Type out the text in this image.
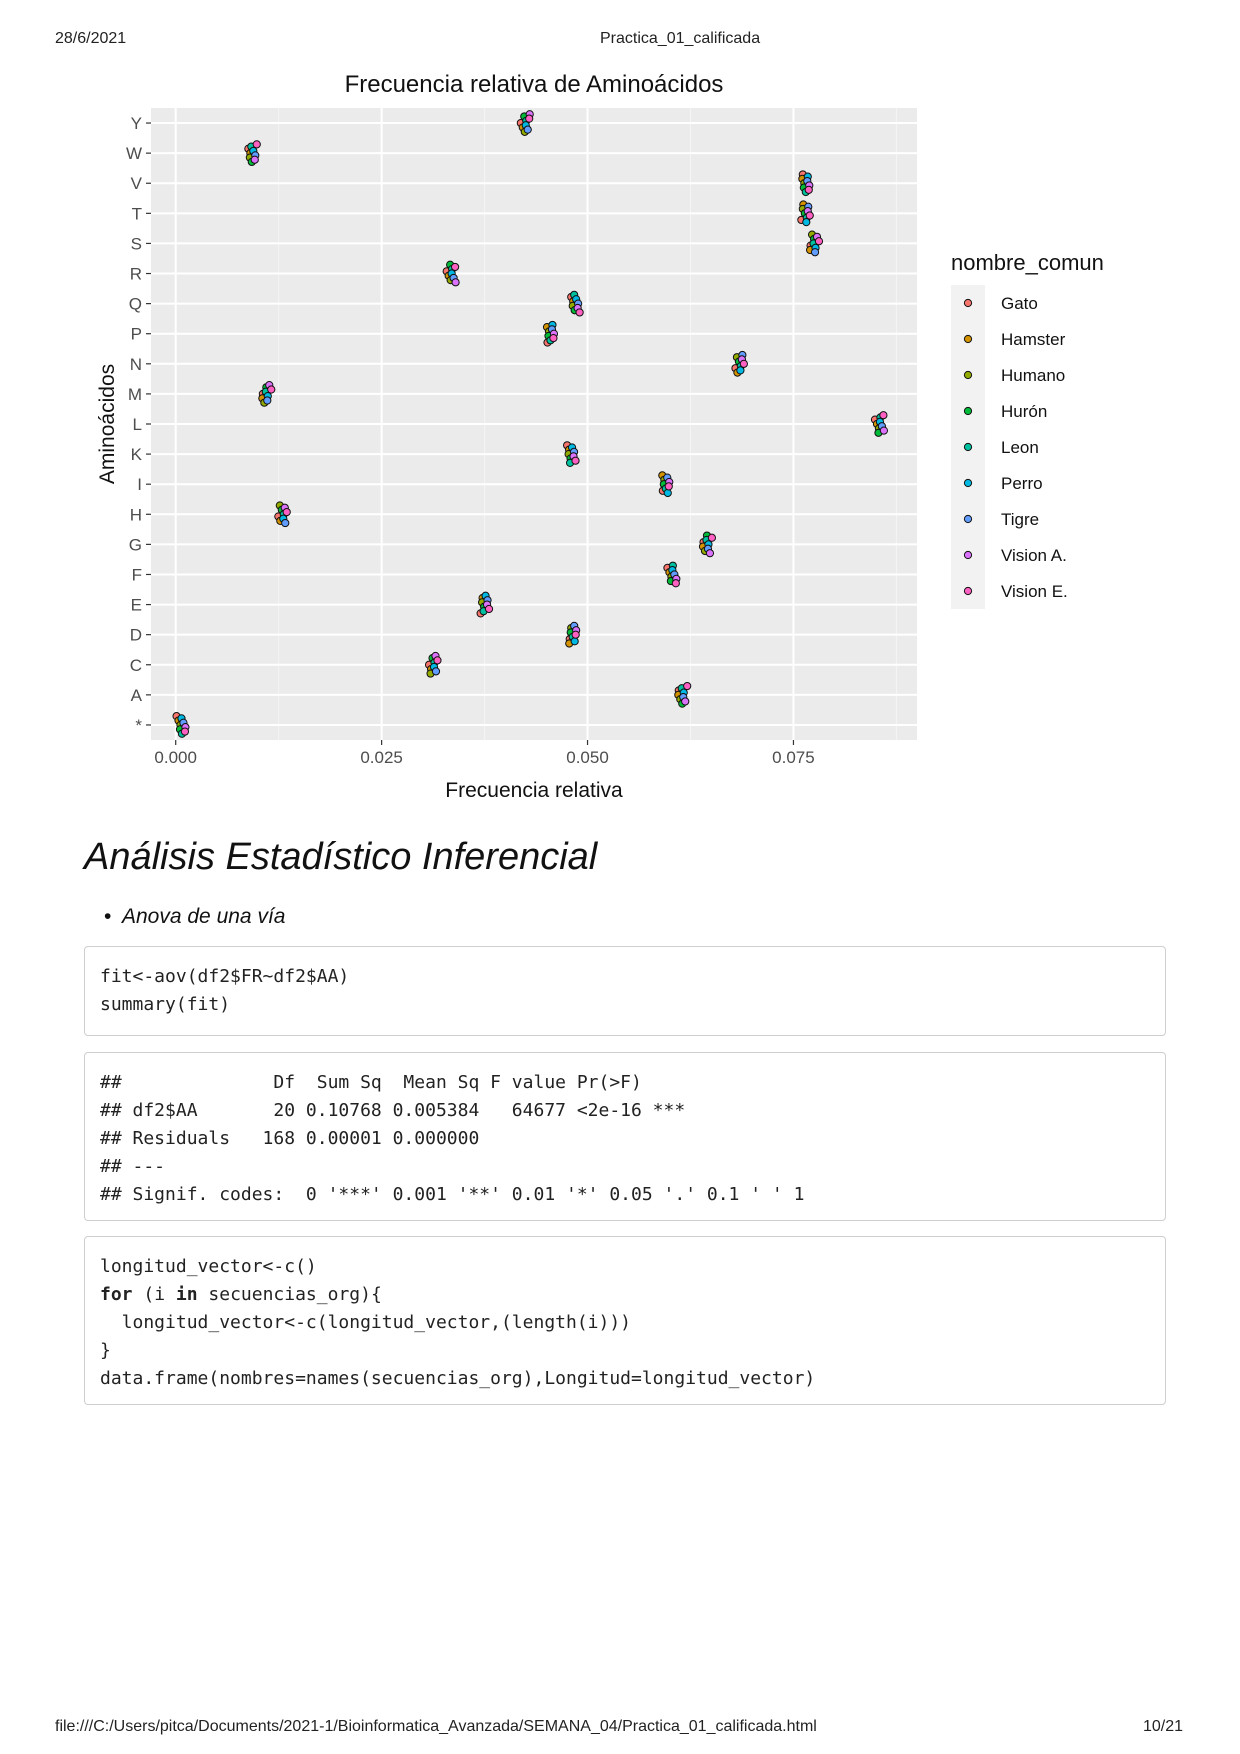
28/6/2021	Practica_01_calificada
*
A
C
D
E
F
G
H
I
K
L
M
N
P
Q
R
S
T
V
W
Y
0.000	0.025	0.050	0.075
Frecuencia relativa de Aminoácidos
Frecuencia relativa
Aminoácidos
nombre_comun
Gato
Hamster
Humano
Hurón
Leon
Perro
Tigre
Vision A.
Vision E.
Análisis Estadístico Inferencial
• Anova de una vía
fit<-aov(df2$FR~df2$AA)
summary(fit)
##              Df  Sum Sq  Mean Sq F value Pr(>F)
## df2$AA       20 0.10768 0.005384   64677 <2e-16 ***
## Residuals   168 0.00001 0.000000
## ---
## Signif. codes:  0 '***' 0.001 '**' 0.01 '*' 0.05 '.' 0.1 ' ' 1
longitud_vector<-c()
for (i in secuencias_org){
longitud_vector<-c(longitud_vector,(length(i)))
}
data.frame(nombres=names(secuencias_org),Longitud=longitud_vector)
file:///C:/Users/pitca/Documents/2021-1/Bioinformatica_Avanzada/SEMANA_04/Practica_01_calificada.html	10/21
